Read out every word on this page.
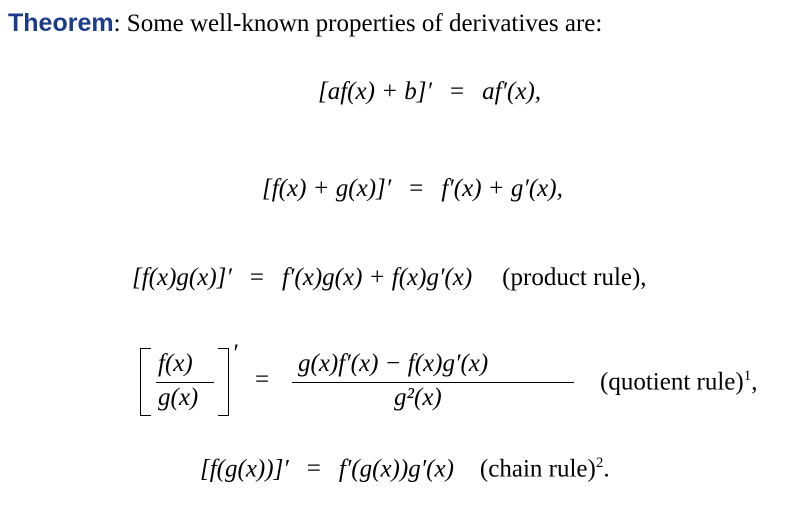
Theorem: Some well-known properties of derivatives are:
[af(x) + b]′ = af′(x),
[f(x) + g(x)]′ = f′(x) + g′(x),
[f(x)g(x)]′ = f′(x)g(x) + f(x)g′(x) (product rule),
f(x)
g(x)
′
=
g(x)f′(x) − f(x)g′(x)
g²(x)
(quotient rule)$^1$,
[f(g(x))]′ = f′(g(x))g′(x) (chain rule)$^2$.
